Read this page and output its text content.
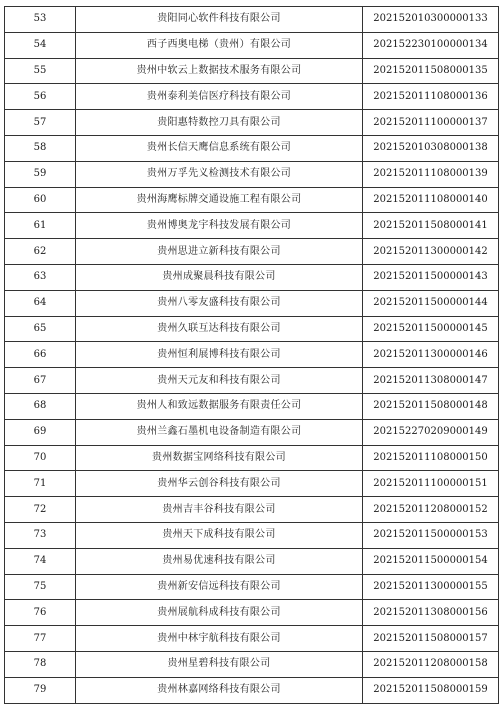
53	贵阳同心软件科技有限公司	202152010300000133
54	西子西奥电梯（贵州）有限公司	202152230100000134
55	贵州中软云上数据技术服务有限公司	202152011508000135
56	贵州泰利美信医疗科技有限公司	202152011108000136
57	贵阳惠特数控刀具有限公司	202152011100000137
58	贵州长信天鹰信息系统有限公司	202152010308000138
59	贵州万孚先义检测技术有限公司	202152011108000139
60	贵州海鹰标牌交通设施工程有限公司	202152011108000140
61	贵州博奥龙宇科技发展有限公司	202152011508000141
62	贵州思进立新科技有限公司	202152011300000142
63	贵州成聚晨科技有限公司	202152011500000143
64	贵州八零友盛科技有限公司	202152011500000144
65	贵州久联互达科技有限公司	202152011500000145
66	贵州恒利展博科技有限公司	202152011300000146
67	贵州天元友和科技有限公司	202152011308000147
68	贵州人和致远数据服务有限责任公司	202152011508000148
69	贵州兰鑫石墨机电设备制造有限公司	202152270209000149
70	贵州数据宝网络科技有限公司	202152011108000150
71	贵州华云创谷科技有限公司	202152011100000151
72	贵州吉丰谷科技有限公司	202152011208000152
73	贵州天下成科技有限公司	202152011500000153
74	贵州易优速科技有限公司	202152011500000154
75	贵州新安信远科技有限公司	202152011300000155
76	贵州展航科成科技有限公司	202152011308000156
77	贵州中林宇航科技有限公司	202152011508000157
78	贵州星碧科技有限公司	202152011208000158
79	贵州林嘉网络科技有限公司	202152011508000159
